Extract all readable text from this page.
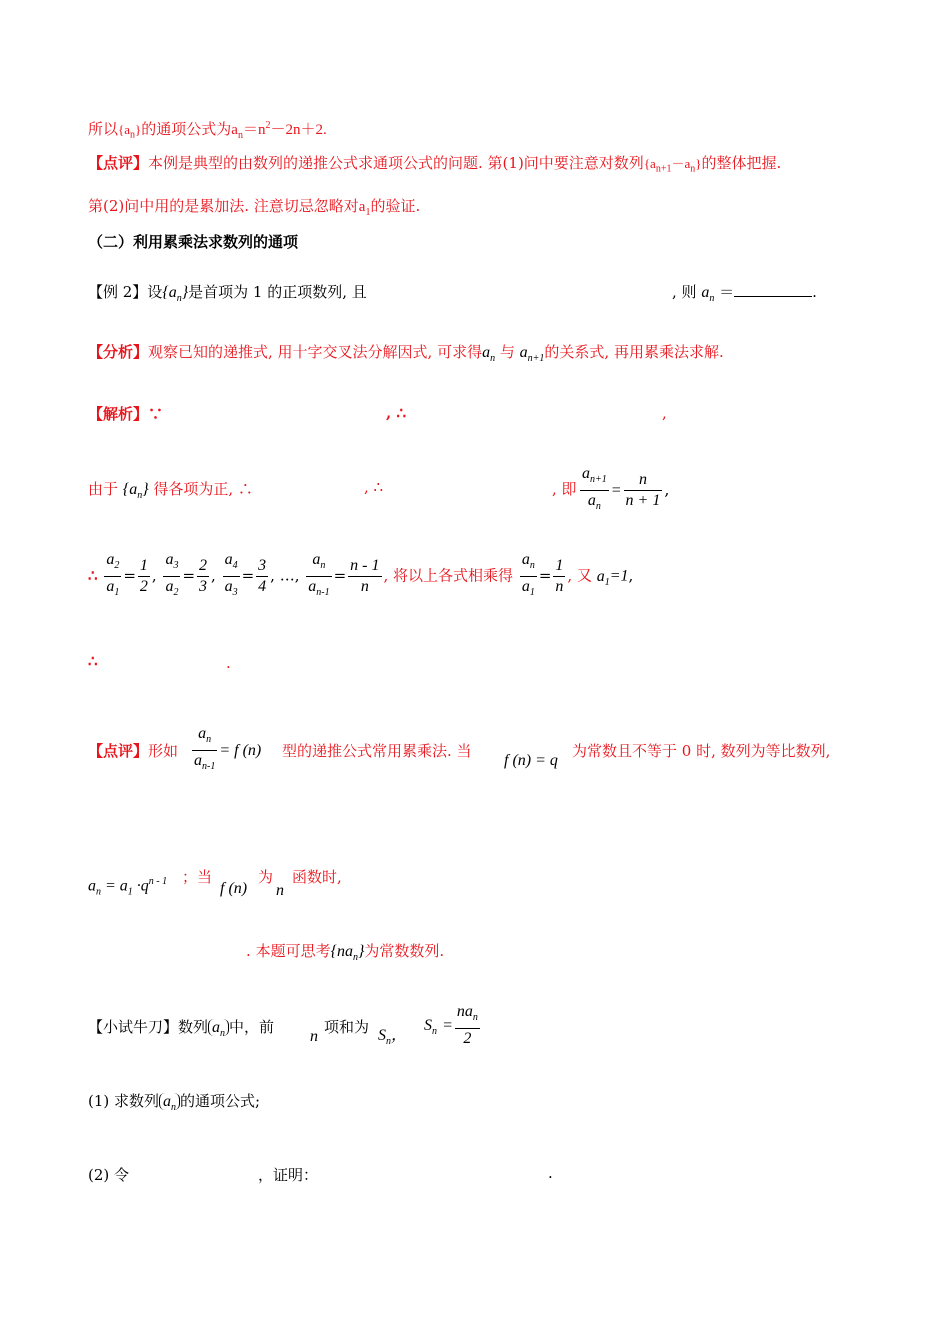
所以$\{a_n\}$的通项公式为$a_n=n^2-2n+2$.
【点评】本例是典型的由数列的递推公式求通项公式的问题. 第(1)问中要注意对数列$\{a_{n+1}-a_n\}$的整体把握.
第(2)问中用的是累加法. 注意切忌忽略对$a_1$的验证.
（二）利用累乘法求数列的通项
【例 2】设$\{a_n\}$是首项为 1 的正项数列, 且	, 则 $a_n$ ＝	.
【分析】观察已知的递推式, 用十字交叉法分解因式, 可求得$a_n$ 与 $a_{n+1}$的关系式, 再用累乘法求解.
【解析】∵	, ∴	,
由于 $\{a_n\}$ 得各项为正, ∴	, ∴	, 即 $\frac{a_{n+1}}{a_n} = \frac{n}{n + 1}$ ,
∴ $\frac{a_2}{a_1} = \frac{1}{2}$ , $\frac{a_3}{a_2} = \frac{2}{3}$ , $\frac{a_4}{a_3} = \frac{3}{4}$ , …, $\frac{a_n}{a_{n-1}} = \frac{n - 1}{n}$ , 将以上各式相乘得 $\frac{a_n}{a_1} = \frac{1}{n}$ , 又 $a_1=1$,
∴	.
【点评】形如 $\frac{a_n}{a_{n-1}} = f$ (n) 型的递推公式常用累乘法. 当
f (n) = q
为常数且不等于 0 时, 数列为等比数列,
$a_n = a_1 \cdot q^{n - 1}$ ；当
f (n)
为
n
函数时,
. 本题可思考$\{na_n\}$为常数数列.
【小试牛刀】数列 $a_n$ 中，前
n
项和为 $S_n$，
$S_n = \frac{na_n}{2}$
(1) 求数列 $a_n$ 的通项公式;
(2) 令	，证明：	.
